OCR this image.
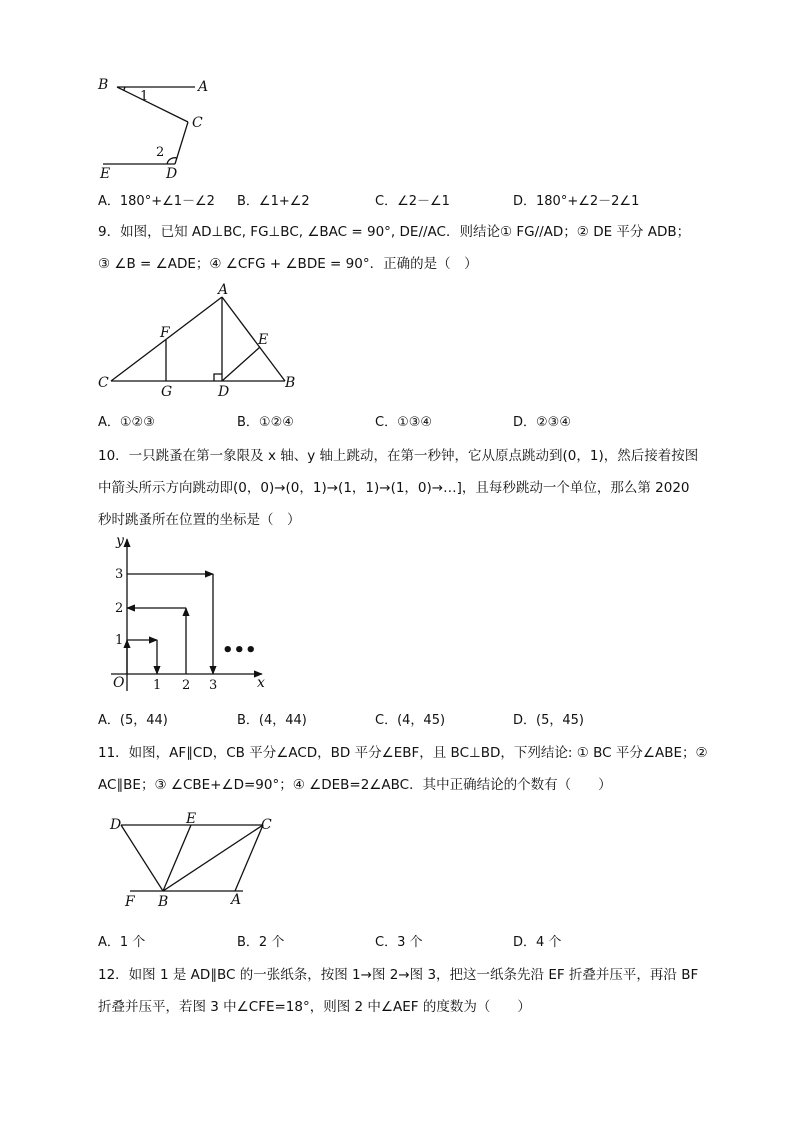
B	A
C
E	D
1
2
A．180°+∠1－∠2 B．∠1+∠2	C．∠2－∠1	D．180°+∠2－2∠1
9．如图，已知 AD⊥BC, FG⊥BC, ∠BAC = 90°, DE//AC．则结论① FG//AD；② DE 平分 ADB；
③ ∠B = ∠ADE；④ ∠CFG + ∠BDE = 90°．正确的是（　）
A
F	E
C
G	D
B
A．①②③	B．①②④	C．①③④	D．②③④
10．一只跳蚤在第一象限及 x 轴、y 轴上跳动，在第一秒钟，它从原点跳动到(0，1)，然后接着按图
中箭头所示方向跳动即(0，0)→(0，1)→(1，1)→(1，0)→…]，且每秒跳动一个单位，那么第 2020
秒时跳蚤所在位置的坐标是（　）
y
x
O
1
2
3
1 2 3
•••
A．(5，44)	B．(4，44)	C．(4，45)	D．(5，45)
11．如图，AF∥CD，CB 平分∠ACD，BD 平分∠EBF，且 BC⊥BD，下列结论: ① BC 平分∠ABE；②
AC∥BE；③ ∠CBE+∠D=90°；④ ∠DEB=2∠ABC．其中正确结论的个数有（　　）
D	E	C
F B	A
A．1 个	B．2 个	C．3 个	D．4 个
12．如图 1 是 AD∥BC 的一张纸条，按图 1→图 2→图 3，把这一纸条先沿 EF 折叠并压平，再沿 BF
折叠并压平，若图 3 中∠CFE=18°，则图 2 中∠AEF 的度数为（　　）
